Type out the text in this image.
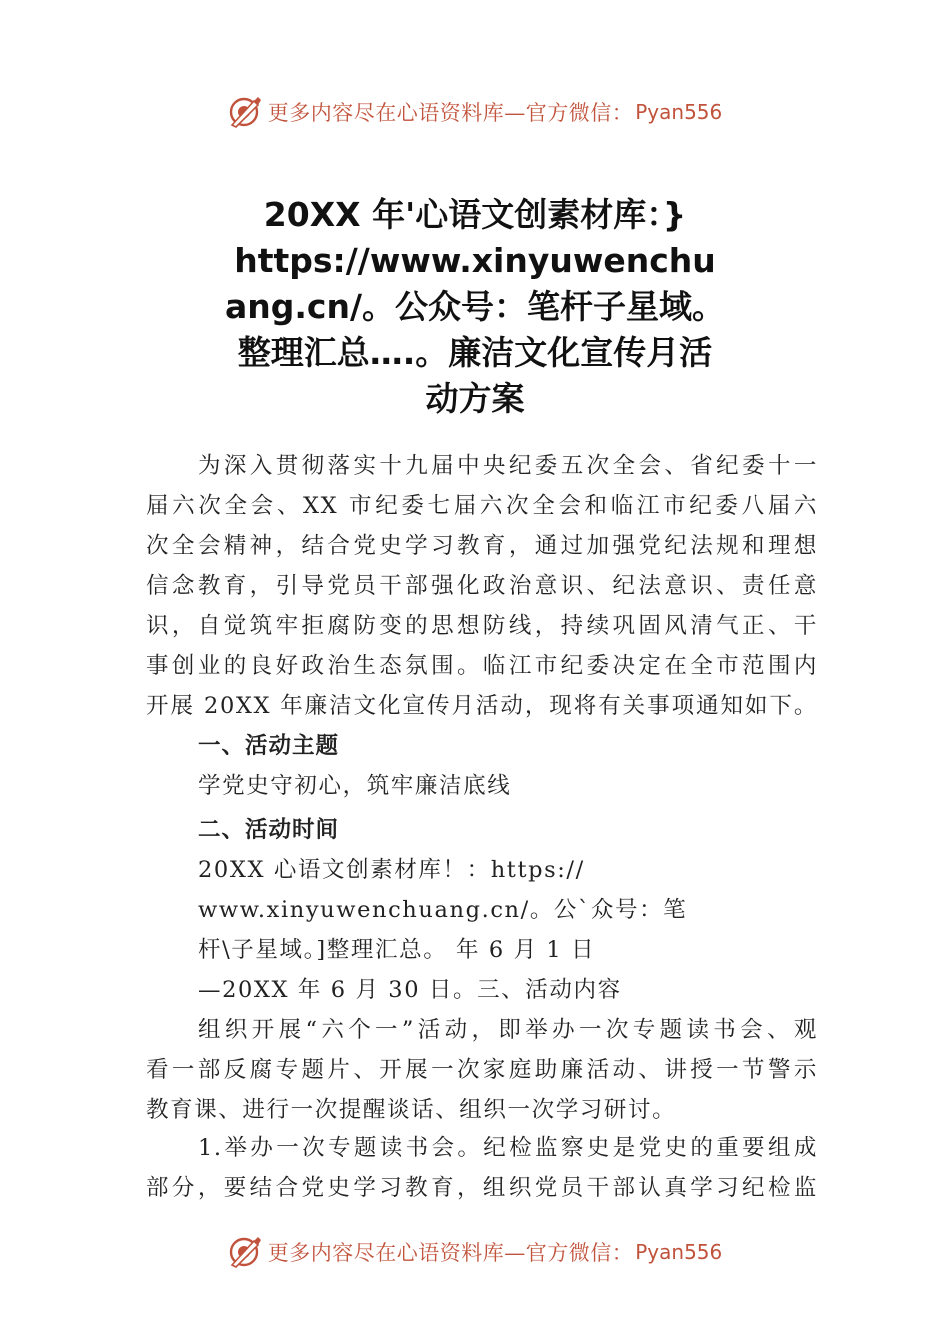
更多内容尽在心语资料库—官方微信： Pyan556
20XX 年'心语文创素材库：}
https://www.xinyuwenchu
ang.cn/。公众号：笔杆子星域。
整理汇总….。廉洁文化宣传月活
动方案
为深入贯彻落实十九届中央纪委五次全会、省纪委十一
届六次全会、XX 市纪委七届六次全会和临江市纪委八届六
次全会精神，结合党史学习教育，通过加强党纪法规和理想
信念教育，引导党员干部强化政治意识、纪法意识、责任意
识，自觉筑牢拒腐防变的思想防线，持续巩固风清气正、干
事创业的良好政治生态氛围。临江市纪委决定在全市范围内
开展 20XX 年廉洁文化宣传月活动，现将有关事项通知如下。
一、活动主题
学党史守初心，筑牢廉洁底线
二、活动时间
20XX 心语文创素材库！：https://
www.xinyuwenchuang.cn/。公`众号：笔
杆\子星域。]整理汇总。 年 6 月 1 日
—20XX 年 6 月 30 日。三、活动内容
组织开展“六个一”活动，即举办一次专题读书会、观
看一部反腐专题片、开展一次家庭助廉活动、讲授一节警示
教育课、进行一次提醒谈话、组织一次学习研讨。
1.举办一次专题读书会。纪检监察史是党史的重要组成
部分，要结合党史学习教育，组织党员干部认真学习纪检监
更多内容尽在心语资料库—官方微信： Pyan556
